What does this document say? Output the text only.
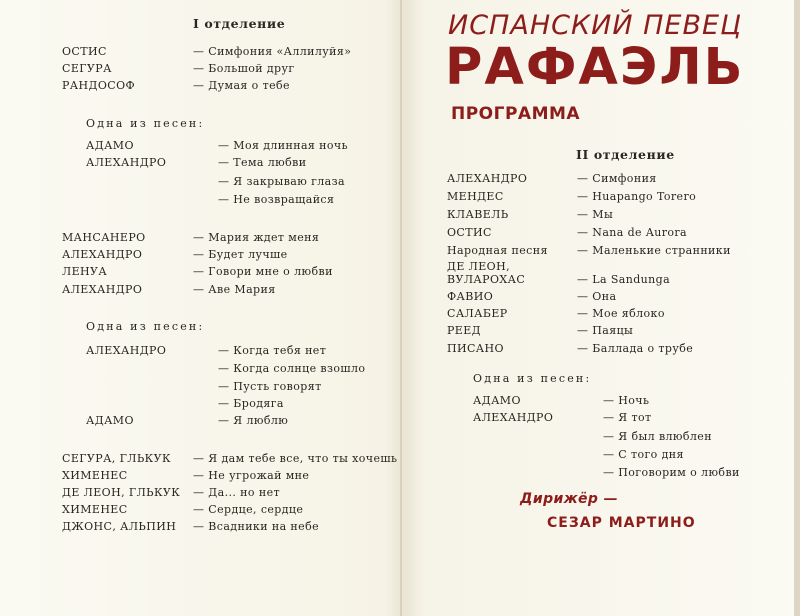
I отделение
ОСТИС	— Симфония «Аллилуйя»
СЕГУРА	— Большой друг
РАНДОСОФ	— Думая о тебе
Одна из песен:
АДАМО	— Моя длинная ночь
АЛЕХАНДРО	— Тема любви
— Я закрываю глаза
— Не возвращайся
МАНСАНЕРО	— Мария ждет меня
АЛЕХАНДРО	— Будет лучше
ЛЕНУА	— Говори мне о любви
АЛЕХАНДРО	— Аве Мария
Одна из песен:
АЛЕХАНДРО	— Когда тебя нет
— Когда солнце взошло
— Пусть говорят
— Бродяга
АДАМО	— Я люблю
СЕГУРА, ГЛЬКУК — Я дам тебе все, что ты хочешь
ХИМЕНЕС	— Не угрожай мне
ДЕ ЛЕОН, ГЛЬКУК — Да... но нет
ХИМЕНЕС	— Сердце, сердце
ДЖОНС, АЛЬПИН — Всадники на небе
ИСПАНСКИЙ ПЕВЕЦ
РАФАЭЛЬ
ПРОГРАММА
II отделение
АЛЕХАНДРО	— Симфония
МЕНДЕС	— Huapango Torero
КЛАВЕЛЬ	— Мы
ОСТИС	— Nana de Aurora
Народная песня	— Маленькие странники
ДЕ ЛЕОН, ВУЛАРОХАС	— La Sandunga
ФАВИО	— Она
САЛАБЕР	— Мое яблоко
РЕЕД	— Паяцы
ПИСАНО	— Баллада о трубе
Одна из песен:
АДАМО	— Ночь
АЛЕХАНДРО	— Я тот
— Я был влюблен
— С того дня
— Поговорим о любви
Дирижёр —
СЕЗАР МАРТИНО
